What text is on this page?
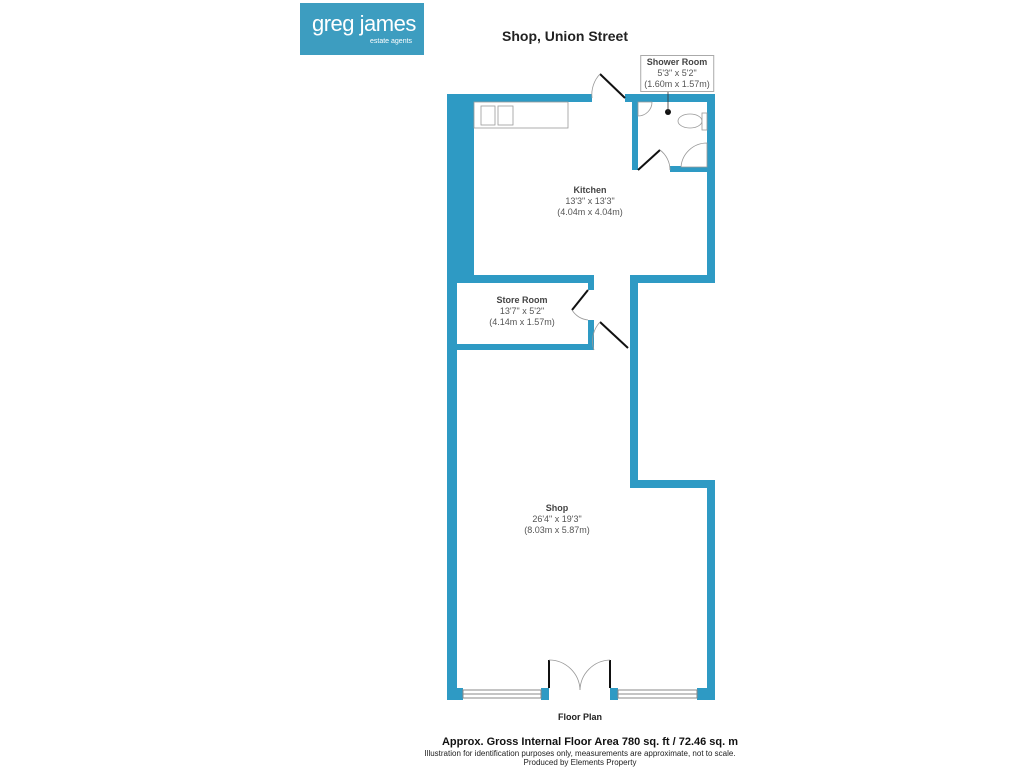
greg james
estate agents	Shop, Union Street
Shower Room
5'3" x 5'2"
(1.60m x 1.57m)
Kitchen
13'3" x 13'3"
(4.04m x 4.04m)
Store Room
13'7" x 5'2"
(4.14m x 1.57m)
Shop
26'4" x 19'3"
(8.03m x 5.87m)
Floor Plan
Approx. Gross Internal Floor Area 780 sq. ft / 72.46 sq. m
Illustration for identification purposes only, measurements are approximate, not to scale.
Produced by Elements Property
